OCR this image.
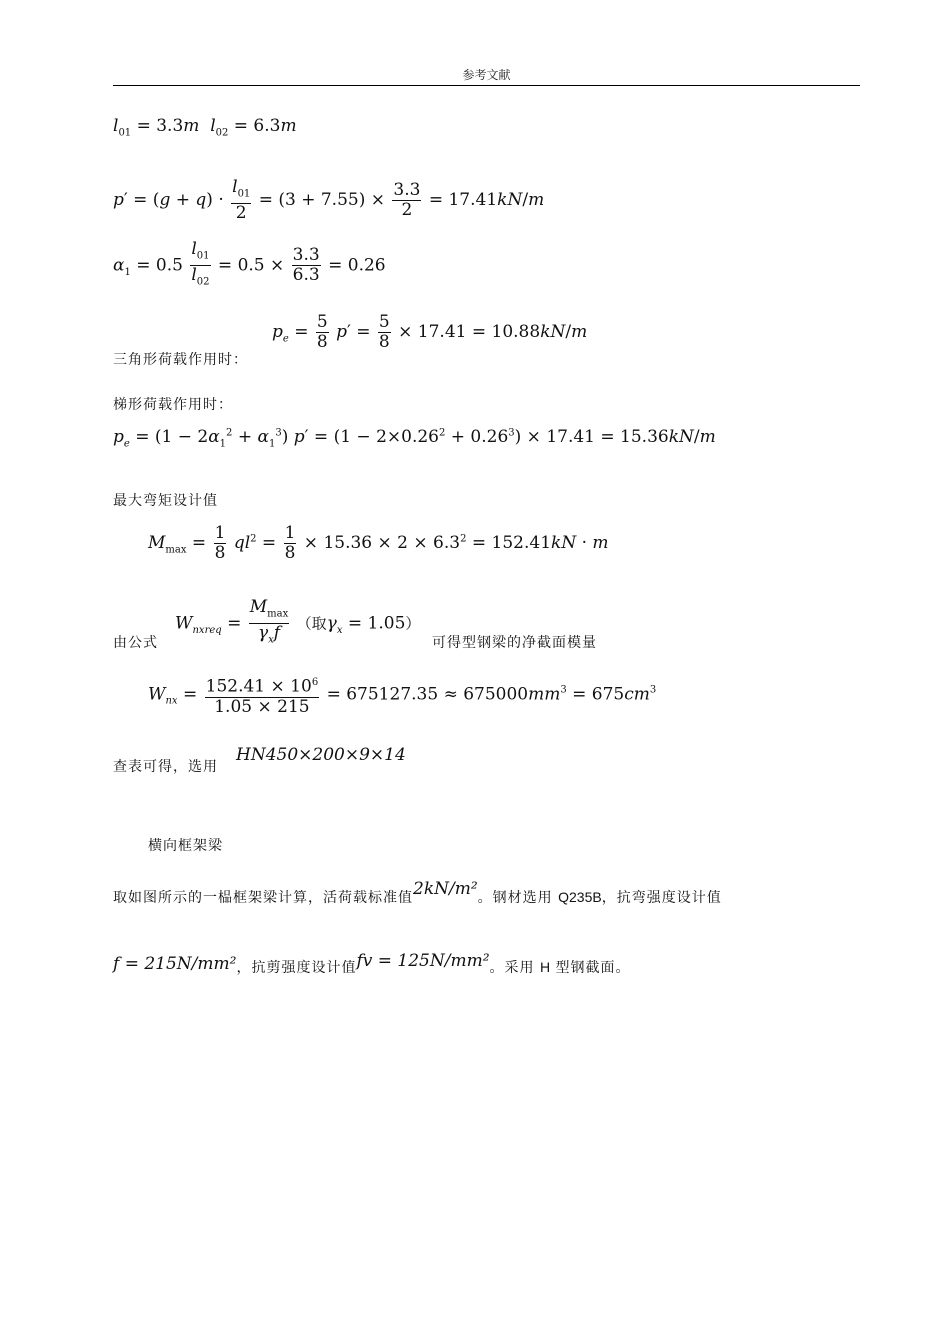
参考文献
$l_{01} = 3.3m$ $l_{02} = 6.3m$
$p' = (g + q) \cdot \frac{l_{01}}{2} = (3 + 7.55) \times \frac{3.3}{2} = 17.41kN/m$
$\alpha_1 = 0.5 \frac{l_{01}}{l_{02}} = 0.5 \times \frac{3.3}{6.3} = 0.26$
$p_e = \frac{5}{8} p' = \frac{5}{8} \times 17.41 = 10.88kN/m$
三角形荷载作用时：
梯形荷载作用时：
$p_e = (1 - 2\alpha_1^2 + \alpha_1^3) p' = (1 - 2\times 0.26^2 + 0.26^3) \times 17.41 = 15.36kN/m$
最大弯矩设计值
$M_{max} = \frac{1}{8} ql^2 = \frac{1}{8} \times 15.36 \times 2 \times 6.3^2 = 152.41kN \cdot m$
由公式
$W_{nxreq} = \frac{M_{max}}{\gamma_xf}$ （取$\gamma_x = 1.05$）
可得型钢梁的净截面模量
$W_{nx} = \frac{152.41 \times 10^6}{1.05 \times 215} = 675127.35 \approx 675000mm^3 = 675cm^3$
查表可得，选用
HN450×200×9×14
横向框架梁
取如图所示的一榀框架梁计算，活荷载标准值2kN/m²。钢材选用 Q235B，抗弯强度设计值
f = 215N/mm²，抗剪强度设计值fv = 125N/mm²。采用 H 型钢截面。
